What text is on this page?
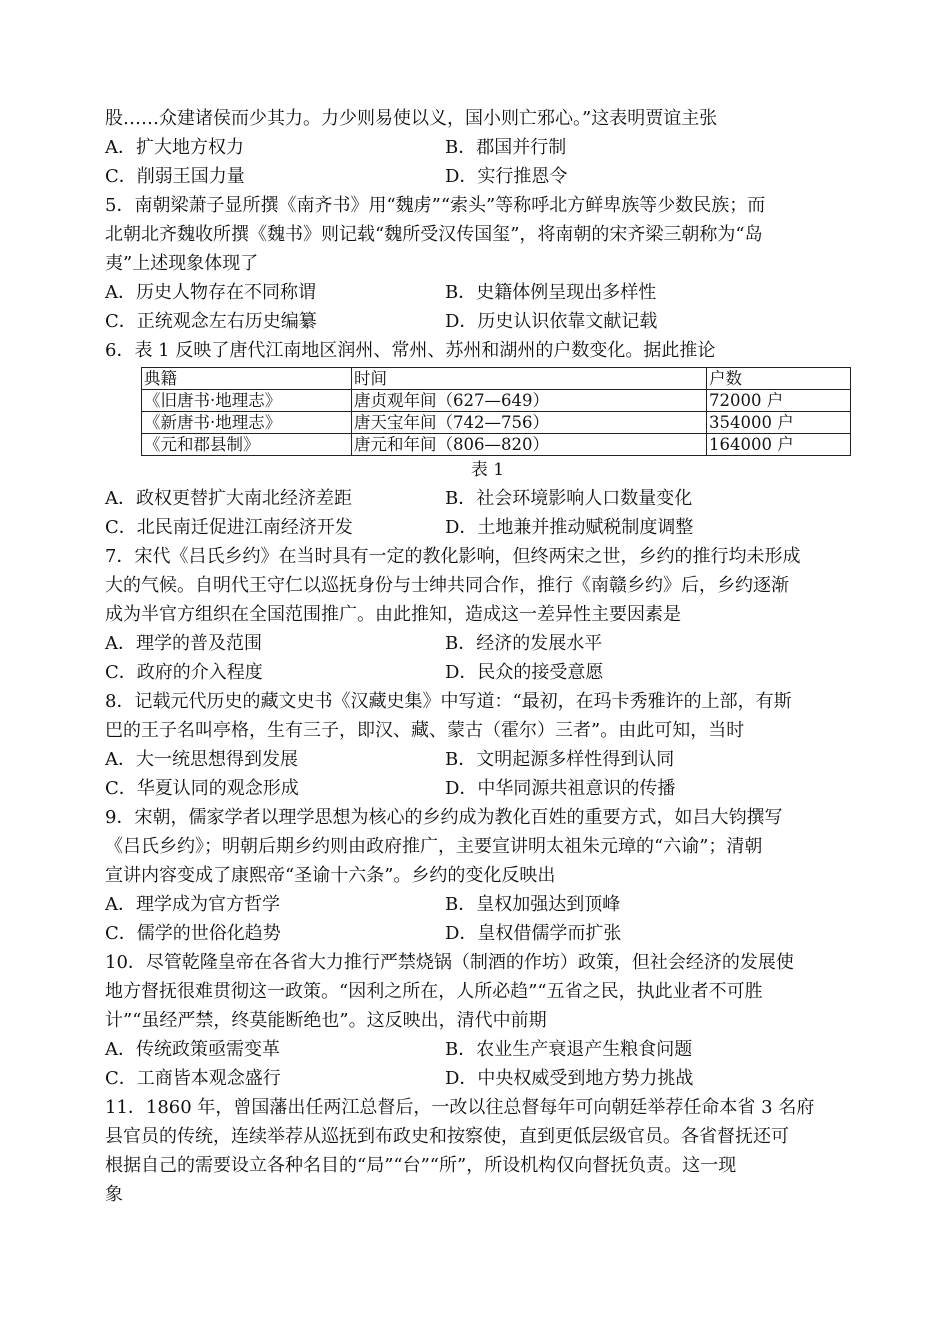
股……众建诸侯而少其力。力少则易使以义，国小则亡邪心。”这表明贾谊主张
A．扩大地方权力	B．郡国并行制
C．削弱王国力量	D．实行推恩令
5．南朝梁萧子显所撰《南齐书》用“魏虏”“索头”等称呼北方鲜卑族等少数民族；而
北朝北齐魏收所撰《魏书》则记载“魏所受汉传国玺”，将南朝的宋齐梁三朝称为“岛
夷”上述现象体现了
A．历史人物存在不同称谓	B．史籍体例呈现出多样性
C．正统观念左右历史编纂	D．历史认识依靠文献记载
6．表 1 反映了唐代江南地区润州、常州、苏州和湖州的户数变化。据此推论
典籍	时间	户数
《旧唐书·地理志》	唐贞观年间（627—649）	72000 户
《新唐书·地理志》	唐天宝年间（742—756）	354000 户
《元和郡县制》	唐元和年间（806—820）	164000 户
表 1
A．政权更替扩大南北经济差距	B．社会环境影响人口数量变化
C．北民南迁促进江南经济开发	D．土地兼并推动赋税制度调整
7．宋代《吕氏乡约》在当时具有一定的教化影响，但终两宋之世，乡约的推行均未形成
大的气候。自明代王守仁以巡抚身份与士绅共同合作，推行《南赣乡约》后，乡约逐渐
成为半官方组织在全国范围推广。由此推知，造成这一差异性主要因素是
A．理学的普及范围	B．经济的发展水平
C．政府的介入程度	D．民众的接受意愿
8．记载元代历史的藏文史书《汉藏史集》中写道：“最初，在玛卡秀雅许的上部，有斯
巴的王子名叫亭格，生有三子，即汉、藏、蒙古（霍尔）三者”。由此可知，当时
A．大一统思想得到发展	B．文明起源多样性得到认同
C．华夏认同的观念形成	D．中华同源共祖意识的传播
9．宋朝，儒家学者以理学思想为核心的乡约成为教化百姓的重要方式，如吕大钧撰写
《吕氏乡约》；明朝后期乡约则由政府推广，主要宣讲明太祖朱元璋的“六谕”；清朝
宣讲内容变成了康熙帝“圣谕十六条”。乡约的变化反映出
A．理学成为官方哲学	B．皇权加强达到顶峰
C．儒学的世俗化趋势	D．皇权借儒学而扩张
10．尽管乾隆皇帝在各省大力推行严禁烧锅（制酒的作坊）政策，但社会经济的发展使
地方督抚很难贯彻这一政策。“因利之所在，人所必趋”“五省之民，执此业者不可胜
计”“虽经严禁，终莫能断绝也”。这反映出，清代中前期
A．传统政策亟需变革	B．农业生产衰退产生粮食问题
C．工商皆本观念盛行	D．中央权威受到地方势力挑战
11．1860 年，曾国藩出任两江总督后，一改以往总督每年可向朝廷举荐任命本省 3 名府
县官员的传统，连续举荐从巡抚到布政史和按察使，直到更低层级官员。各省督抚还可
根据自己的需要设立各种名目的“局”“台”“所”，所设机构仅向督抚负责。这一现
象
